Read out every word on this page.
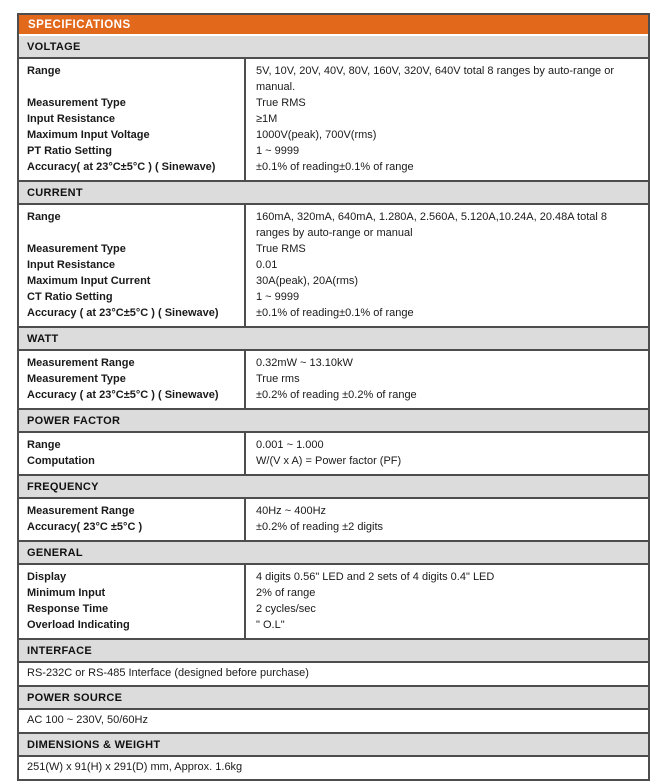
SPECIFICATIONS
VOLTAGE
Range	5V, 10V, 20V, 40V, 80V, 160V, 320V, 640V total 8 ranges by auto-range or manual.
Measurement Type	True RMS
Input Resistance	≥1M
Maximum Input Voltage	1000V(peak), 700V(rms)
PT Ratio Setting	1 ~ 9999
Accuracy( at 23°C±5°C ) ( Sinewave)	±0.1% of reading±0.1% of range
CURRENT
Range	160mA, 320mA, 640mA, 1.280A, 2.560A, 5.120A,10.24A, 20.48A total 8 ranges by auto-range or manual
Measurement Type	True RMS
Input Resistance	0.01
Maximum Input Current	30A(peak), 20A(rms)
CT Ratio Setting	1 ~ 9999
Accuracy ( at 23°C±5°C ) ( Sinewave)	±0.1% of reading±0.1% of range
WATT
Measurement Range	0.32mW ~ 13.10kW
Measurement Type	True rms
Accuracy ( at 23°C±5°C ) ( Sinewave)	±0.2% of reading ±0.2% of range
POWER FACTOR
Range	0.001 ~ 1.000
Computation	W/(V x A) = Power factor (PF)
FREQUENCY
Measurement Range	40Hz ~ 400Hz
Accuracy( 23°C ±5°C )	±0.2% of reading ±2 digits
GENERAL
Display	4 digits 0.56" LED and 2 sets of 4 digits 0.4" LED
Minimum Input	2% of range
Response Time	2 cycles/sec
Overload Indicating	" O.L"
INTERFACE
RS-232C or RS-485 Interface (designed before purchase)
POWER SOURCE
AC 100 ~ 230V, 50/60Hz
DIMENSIONS & WEIGHT
251(W) x 91(H) x 291(D) mm, Approx. 1.6kg
